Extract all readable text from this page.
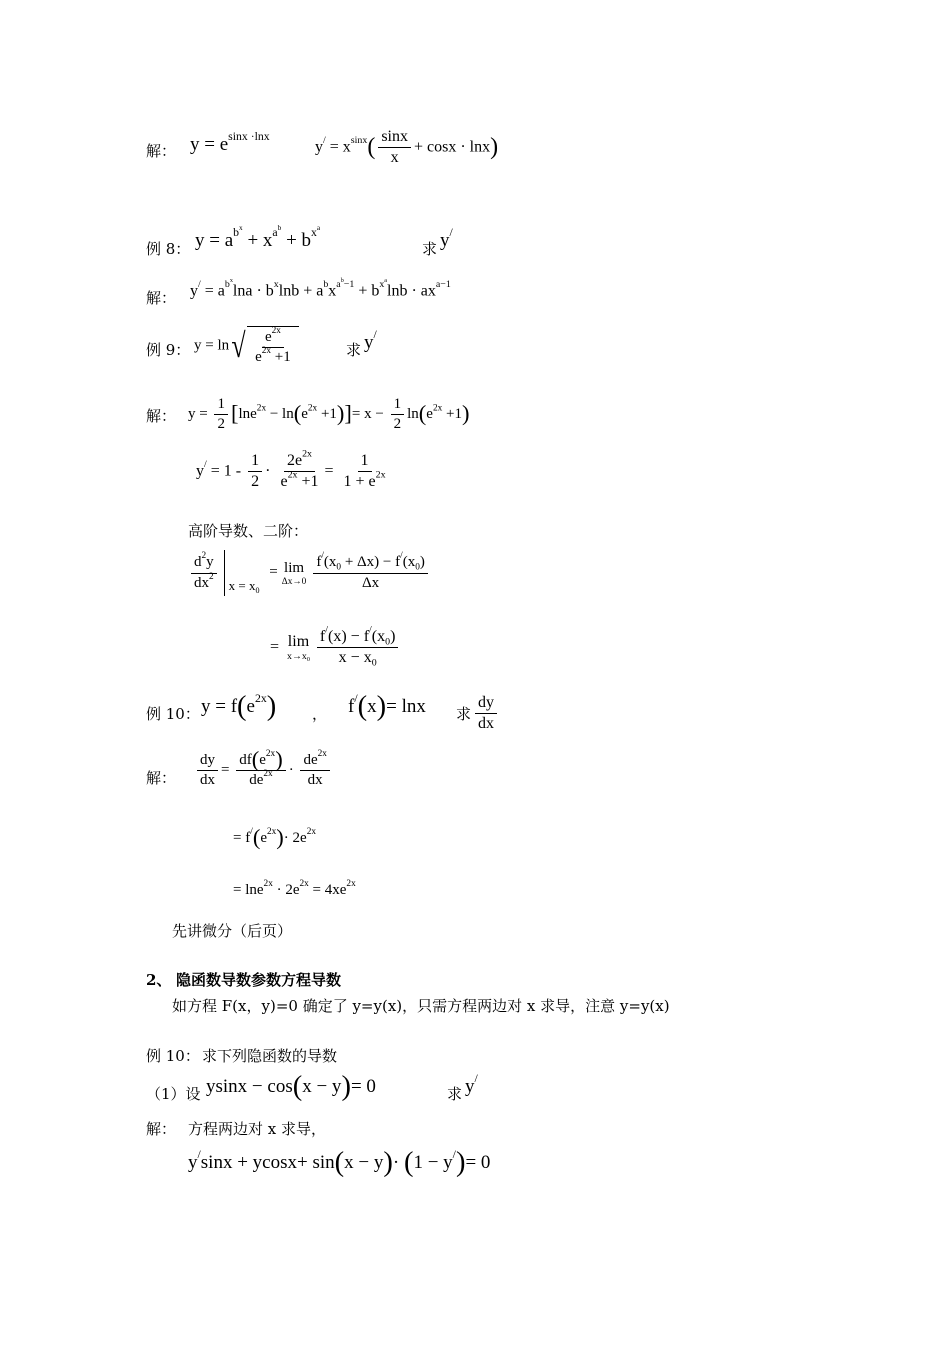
解： $y = e^{sinx \cdot lnx}$
$y^/ = x^{sinx}( \frac{\sin x}{x} + \cos x \cdot \ln x)$
例 8： $y = a^{b^x} + x^{a^b} + b^{x^a}$
求 y/
解： $y^/ = a^{b^x}\ln a \cdot b^x\ln b + a^bx^{a^b-1} + b^{x^a}\ln b \cdot ax^{a-1}$
例 9： y = ln √ $\frac{e^{2x}}{e^{2x} +1}$	求 y/
解： $y = \frac{1}{2} [\ln e^{2x} - \ln(e^{2x} +1)]= x - \frac{1}{2} \ln(e^{2x} +1)$
$y^/ = 1 - \frac{1}{2} \cdot \frac{2e^{2x}}{e^{2x} +1} = \frac{1}{1 + e^{2x}}$
高阶导数、二阶：
$\frac{d^2y}{dx^2}$ $x = x_0 = \lim$
$\Delta x\to 0 \frac{f^/(x_0 + \Delta x) - f^/(x_0)}{\Delta x}$
= lim
$x\to x_0 \frac{f^/(x) - f^/(x_0)}{x - x_0}$
例 10： $y = f(e^{2x})$ ， f/(x)= lnx 求 $\frac{dy}{dx}$
解： $\frac{dy}{dx} = \frac{df(e^{2x})}{de^{2x}} \cdot \frac{de^{2x}}{dx}$
= $f^/(e^{2x})\cdot 2e^{2x}$
= $\ln e^{2x} \cdot 2e^{2x} = 4xe^{2x}$
先讲微分（后页）
2、 隐函数导数参数方程导数
如方程 F(x，y)=0 确定了 y=y(x)，只需方程两边对 x 求导，注意 y=y(x)
例 10： 求下列隐函数的导数
（1）设 ysinx − cos(x − y)= 0	求 y/
解： 方程两边对 x 求导，
y/sinx + ycosx+ sin(x − y)· (1 − y/)= 0
